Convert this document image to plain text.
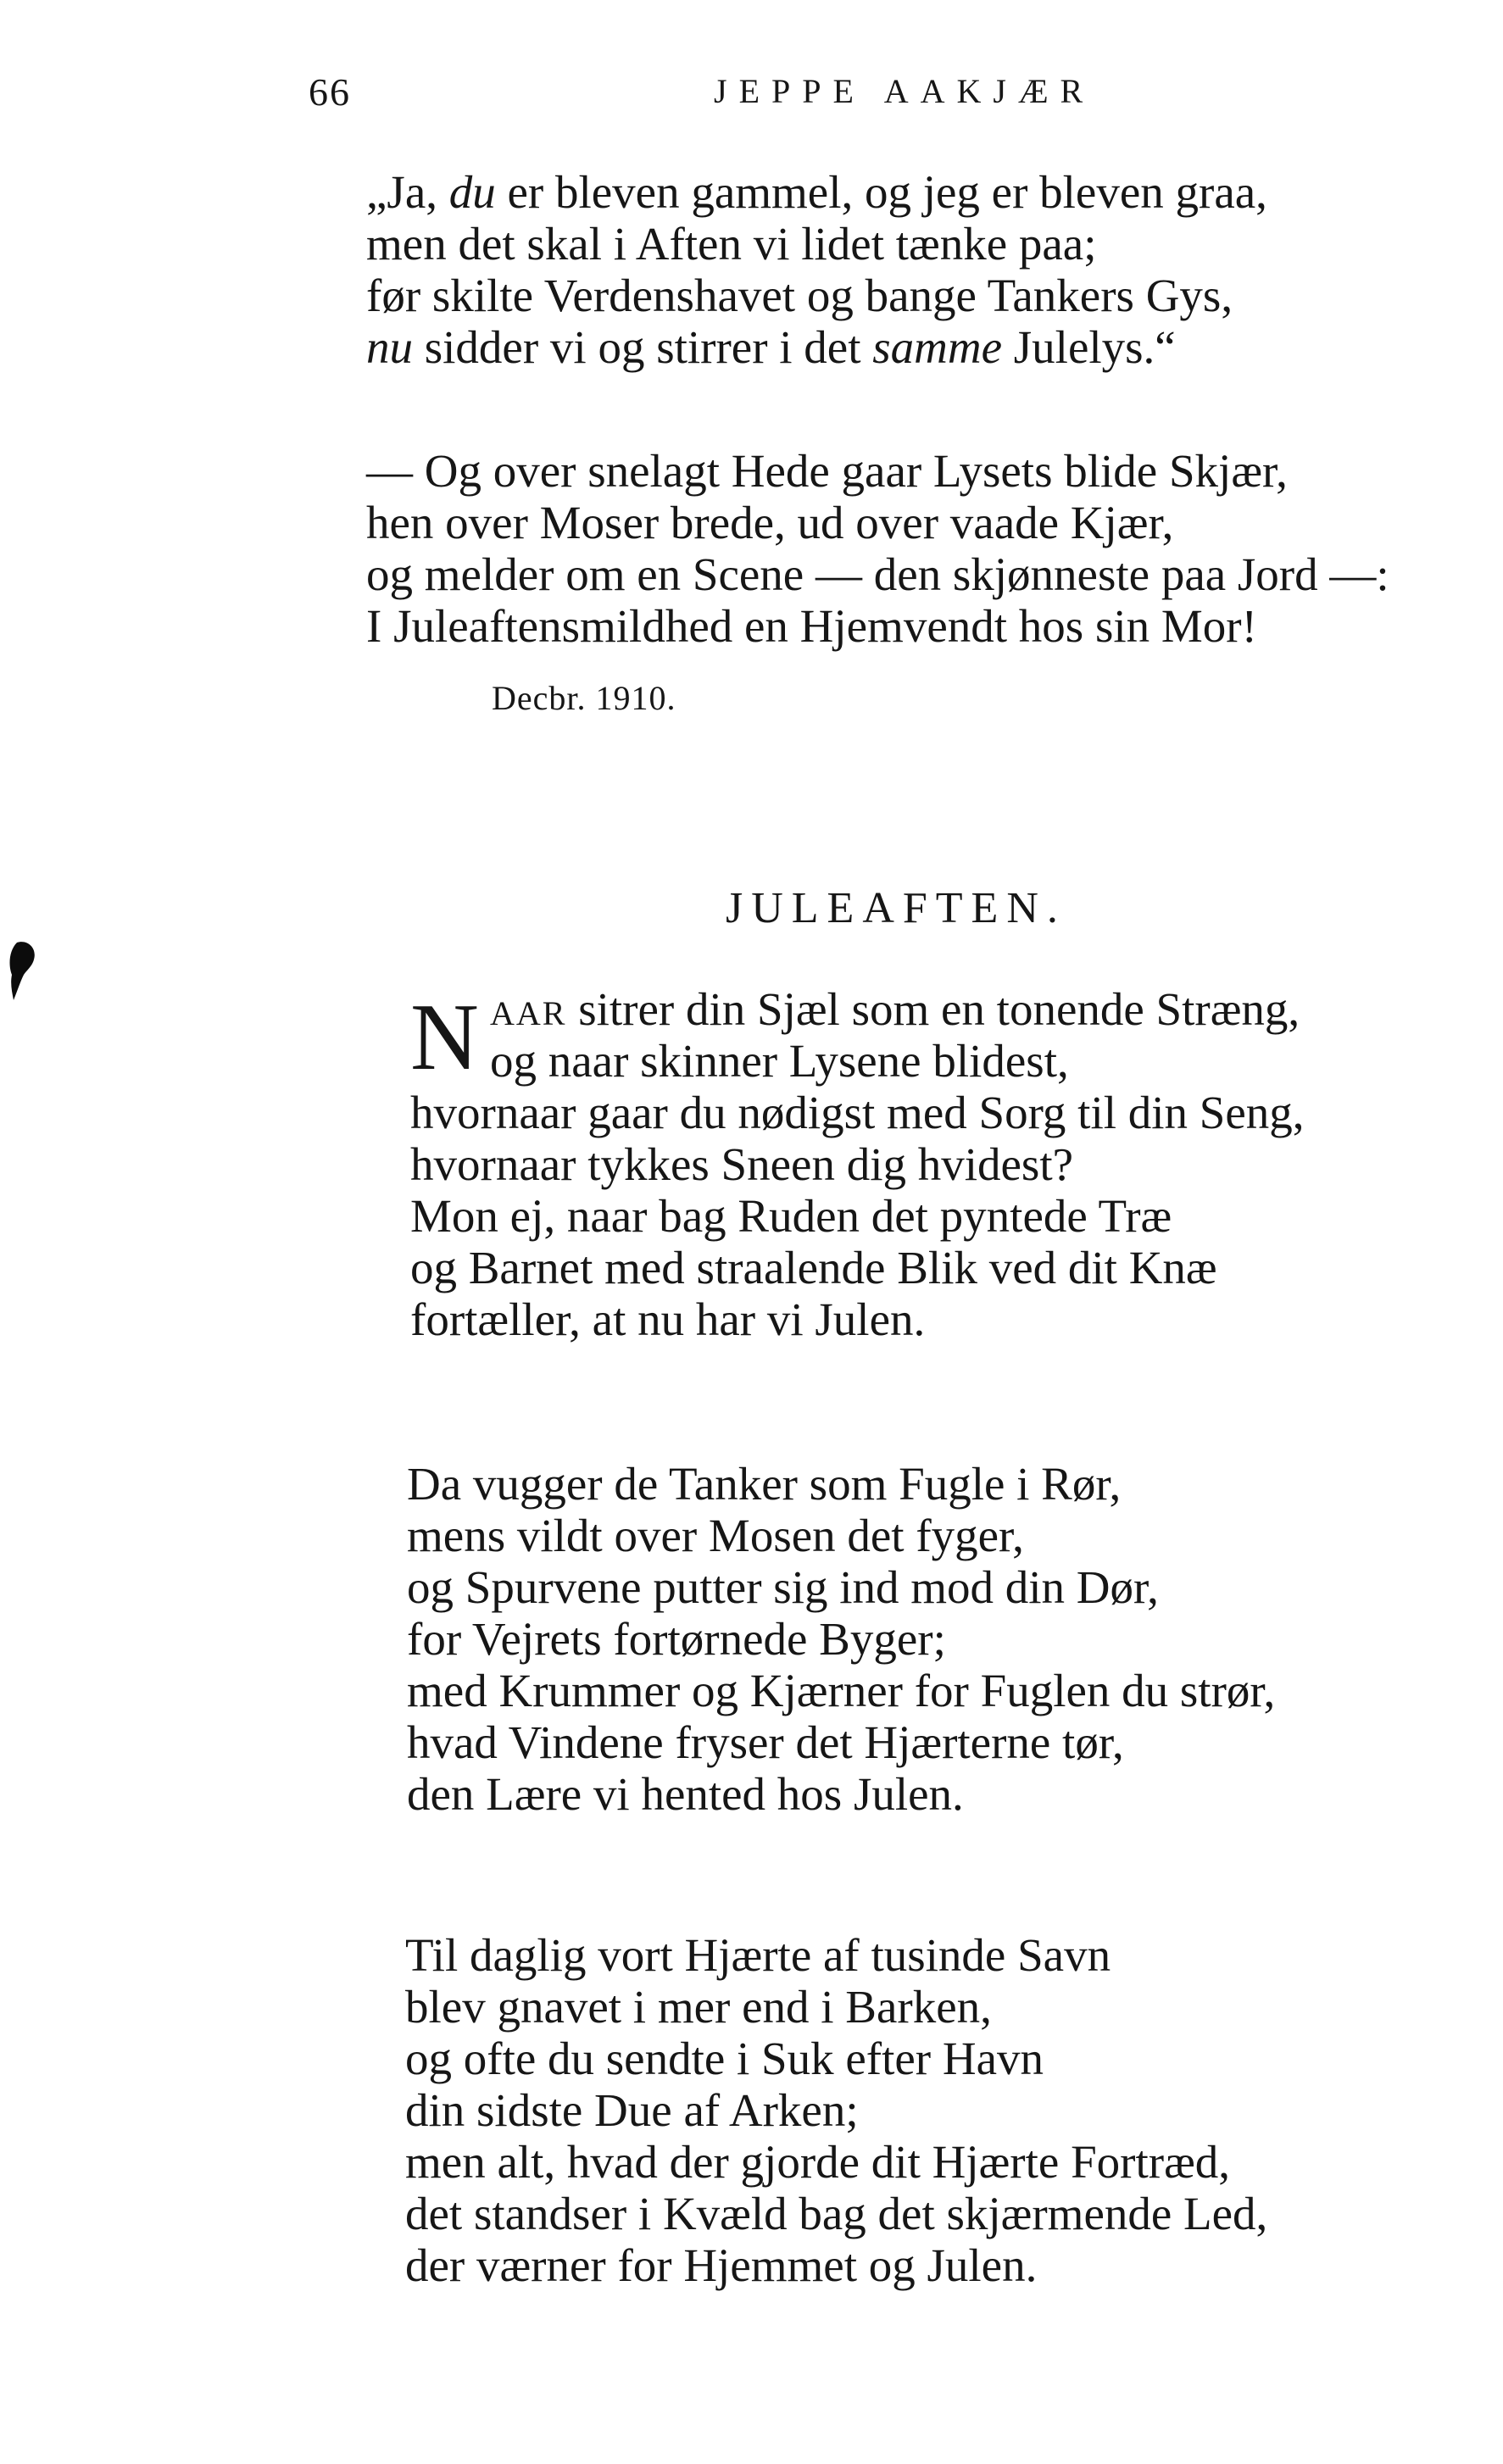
66	JEPPE AAKJÆR
„Ja, du er bleven gammel, og jeg er bleven graa,
men det skal i Aften vi lidet tænke paa;
før skilte Verdenshavet og bange Tankers Gys,
nu sidder vi og stirrer i det samme Julelys.“
— Og over snelagt Hede gaar Lysets blide Skjær,
hen over Moser brede, ud over vaade Kjær,
og melder om en Scene — den skjønneste paa Jord —:
I Juleaftensmildhed en Hjemvendt hos sin Mor!
Decbr. 1910.
JULEAFTEN.
N AAR sitrer din Sjæl som en tonende Stræng,
og naar skinner Lysene blidest,
hvornaar gaar du nødigst med Sorg til din Seng,
hvornaar tykkes Sneen dig hvidest?
Mon ej, naar bag Ruden det pyntede Træ
og Barnet med straalende Blik ved dit Knæ
fortæller, at nu har vi Julen.
Da vugger de Tanker som Fugle i Rør,
mens vildt over Mosen det fyger,
og Spurvene putter sig ind mod din Dør,
for Vejrets fortørnede Byger;
med Krummer og Kjærner for Fuglen du strør,
hvad Vindene fryser det Hjærterne tør,
den Lære vi hented hos Julen.
Til daglig vort Hjærte af tusinde Savn
blev gnavet i mer end i Barken,
og ofte du sendte i Suk efter Havn
din sidste Due af Arken;
men alt, hvad der gjorde dit Hjærte Fortræd,
det standser i Kvæld bag det skjærmende Led,
der værner for Hjemmet og Julen.
